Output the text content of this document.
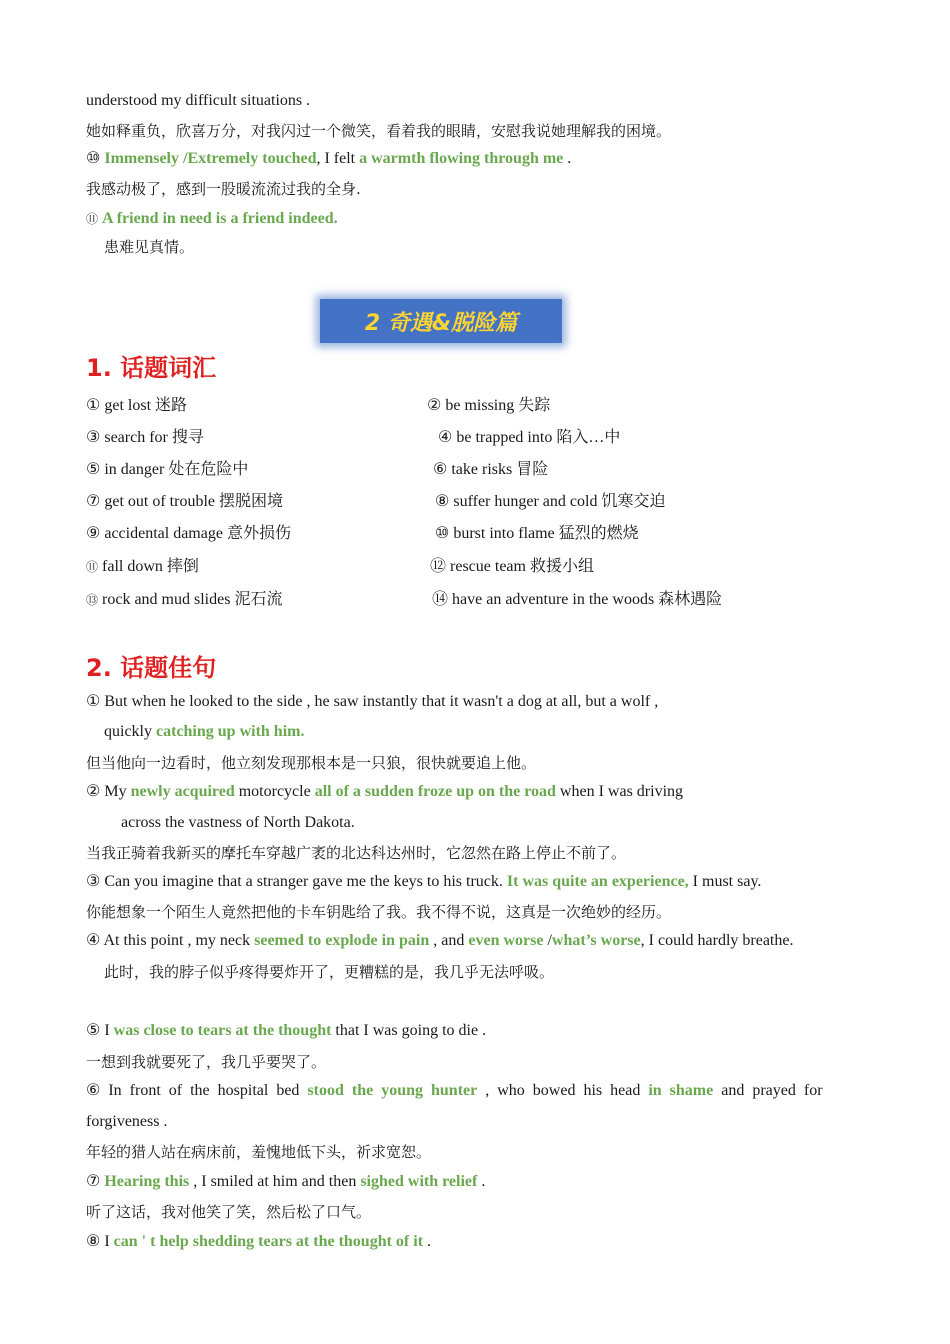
understood my difficult situations .
她如释重负，欣喜万分，对我闪过一个微笑，看着我的眼睛，安慰我说她理解我的困境。
⑩ Immensely /Extremely touched, I felt a warmth flowing through me .
我感动极了，感到一股暖流流过我的全身.
⑪ A friend in need is a friend indeed.
患难见真情。
2 奇遇&脱险篇
1. 话题词汇
① get lost 迷路	② be missing 失踪
③ search for 搜寻	④ be trapped into 陷入…中
⑤ in danger 处在危险中	⑥ take risks 冒险
⑦ get out of trouble 摆脱困境	⑧ suffer hunger and cold 饥寒交迫
⑨ accidental damage 意外损伤	⑩ burst into flame 猛烈的燃烧
⑪ fall down 摔倒	⑫ rescue team 救援小组
⑬ rock and mud slides 泥石流	⑭ have an adventure in the woods 森林遇险
2. 话题佳句
① But when he looked to the side , he saw instantly that it wasn't a dog at all, but a wolf ,
quickly catching up with him.
但当他向一边看时，他立刻发现那根本是一只狼，很快就要追上他。
② My newly acquired motorcycle all of a sudden froze up on the road when I was driving
across the vastness of North Dakota.
当我正骑着我新买的摩托车穿越广袤的北达科达州时，它忽然在路上停止不前了。
③ Can you imagine that a stranger gave me the keys to his truck. It was quite an experience, I must say.
你能想象一个陌生人竟然把他的卡车钥匙给了我。我不得不说，这真是一次绝妙的经历。
④ At this point , my neck seemed to explode in pain , and even worse /what’s worse, I could hardly breathe.
此时，我的脖子似乎疼得要炸开了，更糟糕的是，我几乎无法呼吸。
⑤ I was close to tears at the thought that I was going to die .
一想到我就要死了，我几乎要哭了。
⑥  In  front  of  the  hospital  bed  stood  the  young  hunter  ,  who  bowed  his  head  in  shame  and  prayed  for
forgiveness .
年轻的猎人站在病床前，羞愧地低下头，祈求宽恕。
⑦ Hearing this , I smiled at him and then sighed with relief .
听了这话，我对他笑了笑，然后松了口气。
⑧ I can ' t help shedding tears at the thought of it .
